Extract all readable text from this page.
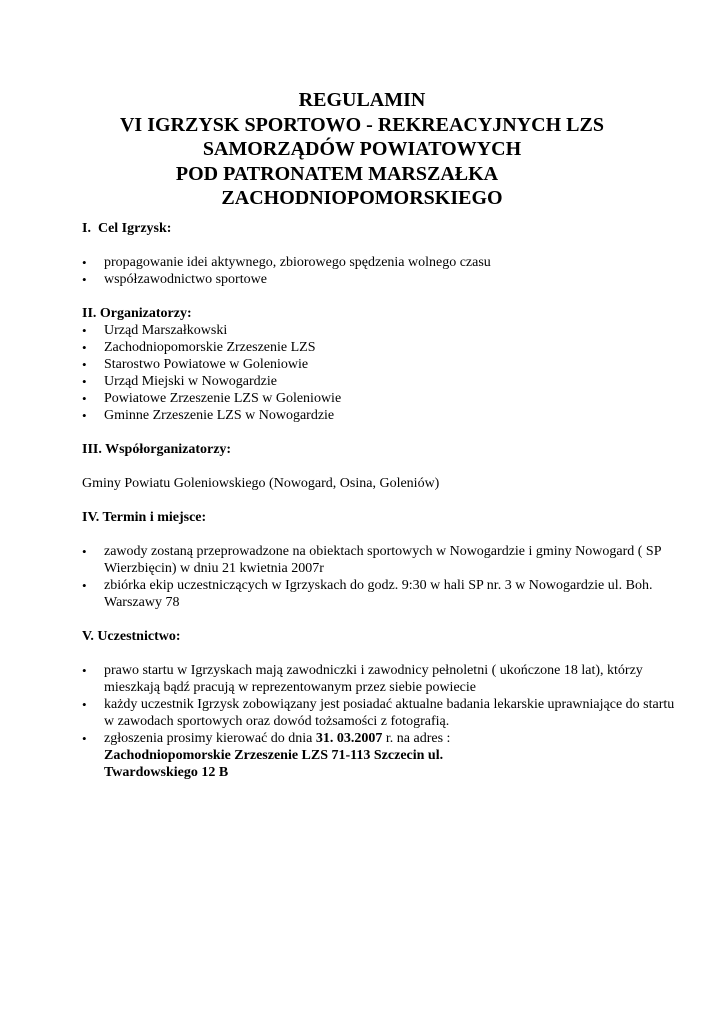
REGULAMIN
VI IGRZYSK SPORTOWO - REKREACYJNYCH LZS
SAMORZĄDÓW POWIATOWYCH
POD PATRONATEM MARSZAŁKA
ZACHODNIOPOMORSKIEGO
I. Cel Igrzysk:
• propagowanie idei aktywnego, zbiorowego spędzenia wolnego czasu
• współzawodnictwo sportowe
II. Organizatorzy:
• Urząd Marszałkowski
• Zachodniopomorskie Zrzeszenie LZS
• Starostwo Powiatowe w Goleniowie
• Urząd Miejski w Nowogardzie
• Powiatowe Zrzeszenie LZS w Goleniowie
• Gminne Zrzeszenie LZS w Nowogardzie
III. Współorganizatorzy:

Gminy Powiatu Goleniowskiego (Nowogard, Osina, Goleniów)

IV. Termin i miejsce:
• zawody zostaną przeprowadzone na obiektach sportowych w Nowogardzie i gminy Nowogard ( SP Wierzbięcin) w dniu 21 kwietnia 2007r
• zbiórka ekip uczestniczących w Igrzyskach do godz. 9:30 w hali SP nr. 3 w Nowogardzie ul. Boh. Warszawy 78
V. Uczestnictwo:
• prawo startu w Igrzyskach mają zawodniczki i zawodnicy pełnoletni ( ukończone 18 lat), którzy mieszkają bądź pracują w reprezentowanym przez siebie powiecie
• każdy uczestnik Igrzysk zobowiązany jest posiadać aktualne badania lekarskie uprawniające do startu w zawodach sportowych oraz dowód tożsamości z fotografią.
• zgłoszenia prosimy kierować do dnia 31. 03.2007 r. na adres :
Zachodniopomorskie Zrzeszenie LZS 71-113 Szczecin ul.
Twardowskiego 12 B
